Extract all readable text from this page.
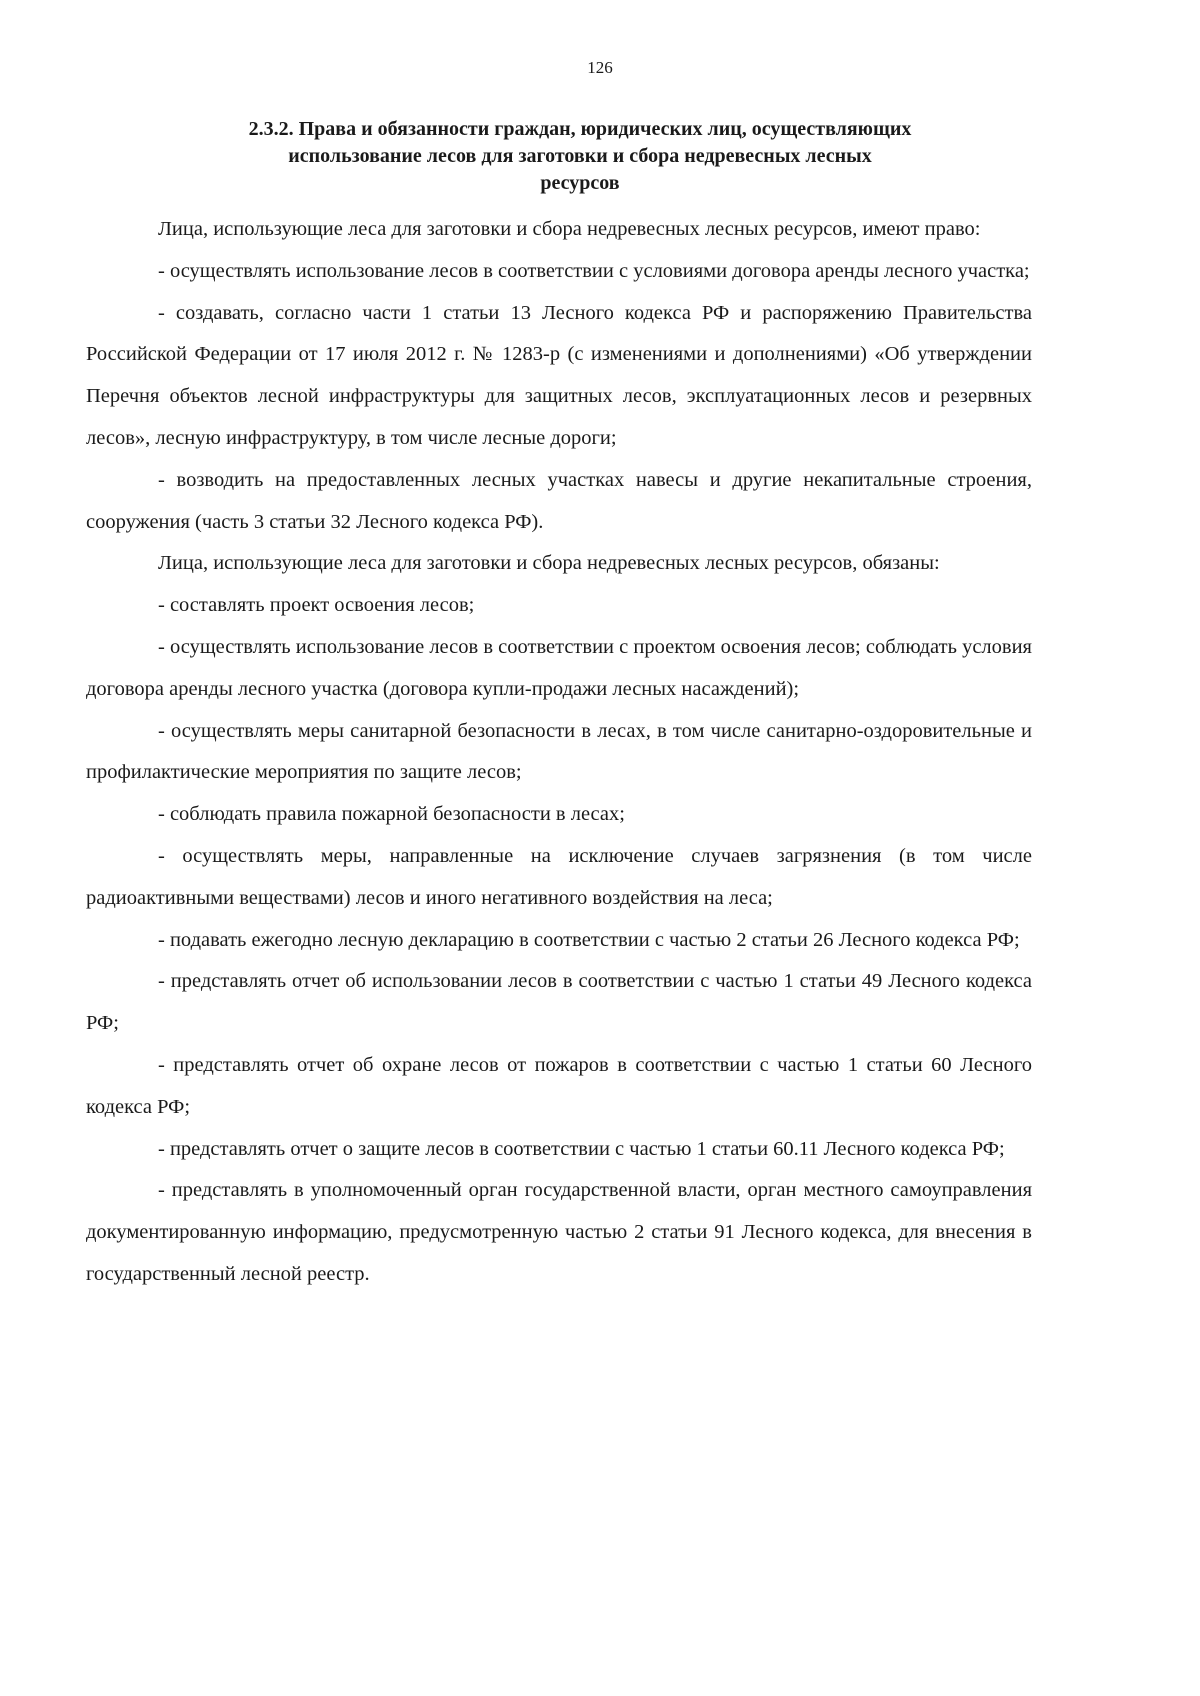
126
2.3.2. Права и обязанности граждан, юридических лиц, осуществляющих
использование лесов для заготовки и сбора недревесных лесных
ресурсов

Лица, использующие леса для заготовки и сбора недревесных лесных ресурсов, имеют право:

- осуществлять использование лесов в соответствии с условиями договора аренды лесного участка;

- создавать, согласно части 1 статьи 13 Лесного кодекса РФ и распоряжению Правительства Российской Федерации от 17 июля 2012 г. № 1283-р (с изменениями и дополнениями) «Об утверждении Перечня объектов лесной инфраструктуры для защитных лесов, эксплуатационных лесов и резервных лесов», лесную инфраструктуру, в том числе лесные дороги;

- возводить на предоставленных лесных участках навесы и другие некапитальные строения, сооружения (часть 3 статьи 32 Лесного кодекса РФ).

Лица, использующие леса для заготовки и сбора недревесных лесных ресурсов, обязаны:

- составлять проект освоения лесов;

- осуществлять использование лесов в соответствии с проектом освоения лесов; соблюдать условия договора аренды лесного участка (договора купли-продажи лесных насаждений);

- осуществлять меры санитарной безопасности в лесах, в том числе санитарно-оздоровительные и профилактические мероприятия по защите лесов;

- соблюдать правила пожарной безопасности в лесах;

- осуществлять меры, направленные на исключение случаев загрязнения (в том числе радиоактивными веществами) лесов и иного негативного воздействия на леса;

- подавать ежегодно лесную декларацию в соответствии с частью 2 статьи 26 Лесного кодекса РФ;

- представлять отчет об использовании лесов в соответствии с частью 1 статьи 49 Лесного кодекса РФ;

- представлять отчет об охране лесов от пожаров в соответствии с частью 1 статьи 60 Лесного кодекса РФ;

- представлять отчет о защите лесов в соответствии с частью 1 статьи 60.11 Лесного кодекса РФ;

- представлять в уполномоченный орган государственной власти, орган местного самоуправления документированную информацию, предусмотренную частью 2 статьи 91 Лесного кодекса, для внесения в государственный лесной реестр.
